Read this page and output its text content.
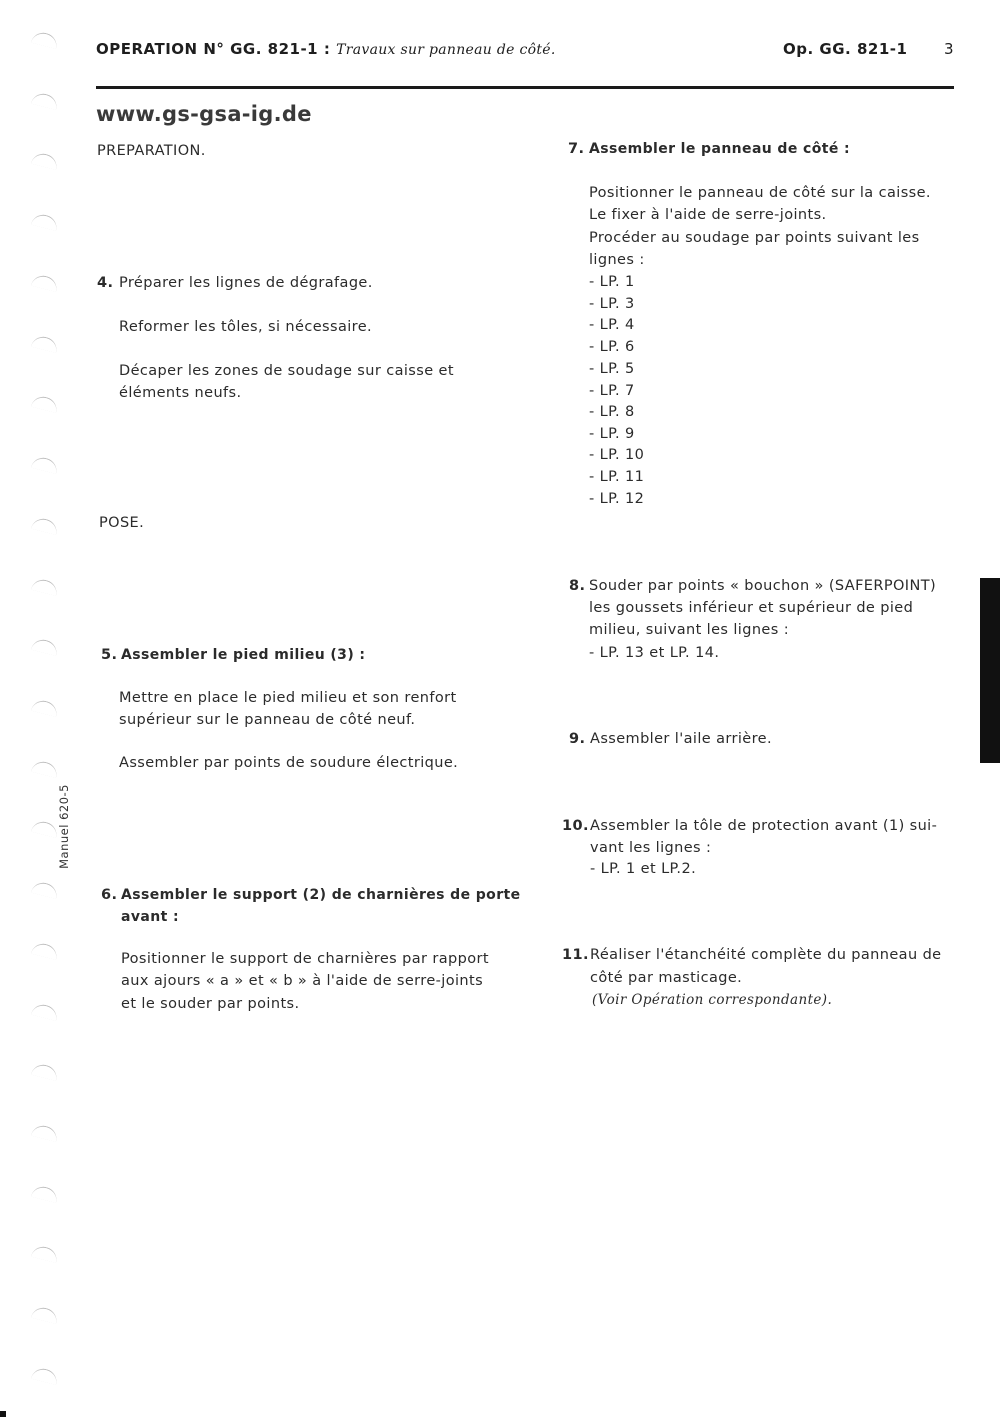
OPERATION N° GG. 821-1 : Travaux sur panneau de côté.	Op. GG. 821-1 3
www.gs-gsa-ig.de
Manuel 620-5
PREPARATION.
4. Préparer les lignes de dégrafage.
Reformer les tôles, si nécessaire.
Décaper les zones de soudage sur caisse et
éléments neufs.
POSE.
5. Assembler le pied milieu (3) :
Mettre en place le pied milieu et son renfort
supérieur sur le panneau de côté neuf.
Assembler par points de soudure électrique.
6. Assembler le support (2) de charnières de porte
avant :
Positionner le support de charnières par rapport
aux ajours « a » et « b » à l'aide de serre-joints
et le souder par points.
7. Assembler le panneau de côté :
Positionner le panneau de côté sur la caisse.
Le fixer à l'aide de serre-joints.
Procéder au soudage par points suivant les
lignes :
- LP. 1
- LP. 3
- LP. 4
- LP. 6
- LP. 5
- LP. 7
- LP. 8
- LP. 9
- LP. 10
- LP. 11
- LP. 12
8. Souder par points « bouchon » (SAFERPOINT)
les goussets inférieur et supérieur de pied
milieu, suivant les lignes :
- LP. 13 et LP. 14.
9. Assembler l'aile arrière.
10. Assembler la tôle de protection avant (1) sui-
vant les lignes :
- LP. 1 et LP.2.
11. Réaliser l'étanchéité complète du panneau de
côté par masticage.
(Voir Opération correspondante).
